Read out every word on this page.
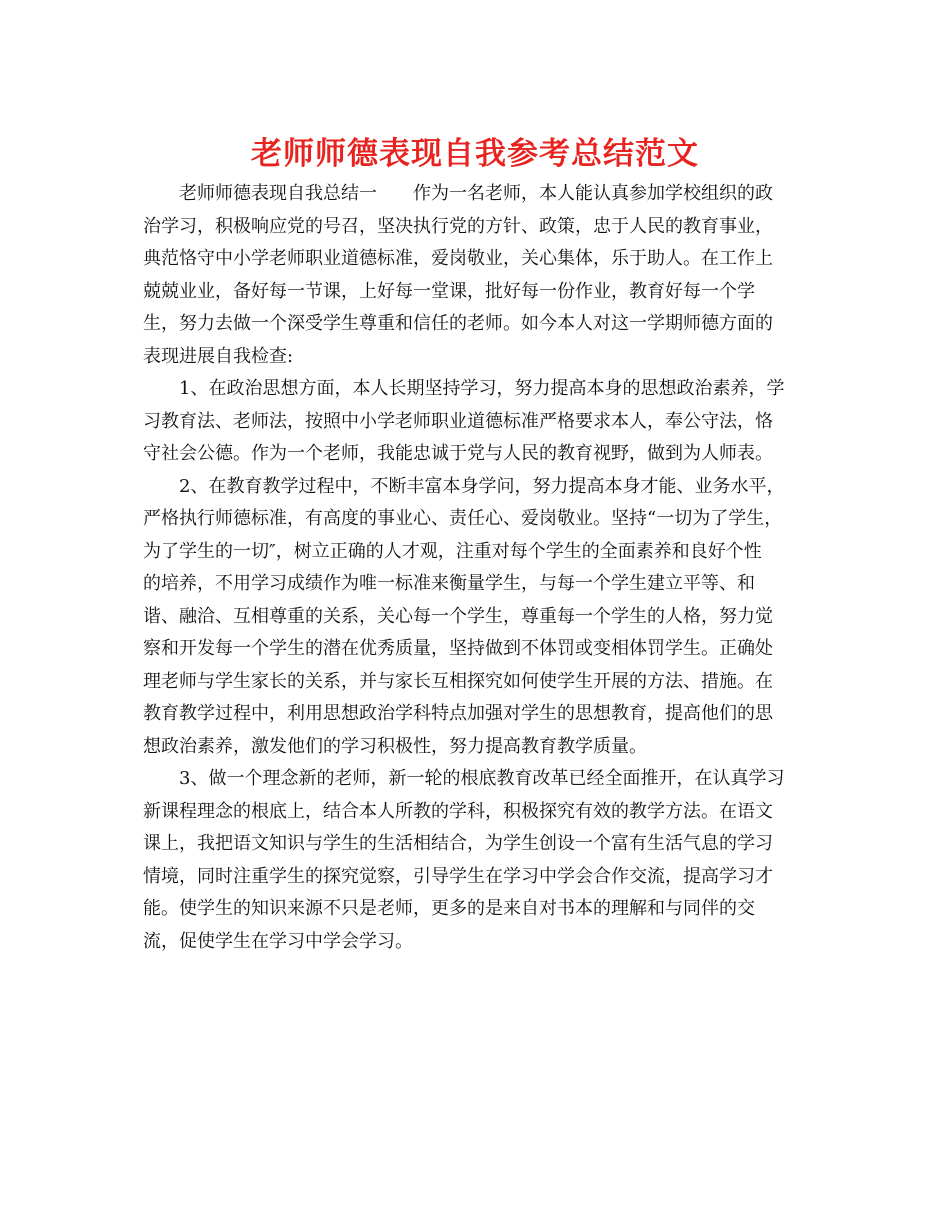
老师师德表现自我参考总结范文
老师师德表现自我总结一　　作为一名老师，本人能认真参加学校组织的政
治学习，积极响应党的号召，坚决执行党的方针、政策，忠于人民的教育事业，
典范恪守中小学老师职业道德标准，爱岗敬业，关心集体，乐于助人。在工作上
兢兢业业，备好每一节课，上好每一堂课，批好每一份作业，教育好每一个学
生，努力去做一个深受学生尊重和信任的老师。如今本人对这一学期师德方面的
表现进展自我检查:
1、在政治思想方面，本人长期坚持学习，努力提高本身的思想政治素养，学
习教育法、老师法，按照中小学老师职业道德标准严格要求本人，奉公守法，恪
守社会公德。作为一个老师，我能忠诚于党与人民的教育视野，做到为人师表。
2、在教育教学过程中，不断丰富本身学问，努力提高本身才能、业务水平，
严格执行师德标准，有高度的事业心、责任心、爱岗敬业。坚持“一切为了学生，
为了学生的一切″，树立正确的人才观，注重对每个学生的全面素养和良好个性
的培养，不用学习成绩作为唯一标准来衡量学生，与每一个学生建立平等、和
谐、融洽、互相尊重的关系，关心每一个学生，尊重每一个学生的人格，努力觉
察和开发每一个学生的潜在优秀质量，坚持做到不体罚或变相体罚学生。正确处
理老师与学生家长的关系，并与家长互相探究如何使学生开展的方法、措施。在
教育教学过程中，利用思想政治学科特点加强对学生的思想教育，提高他们的思
想政治素养，激发他们的学习积极性，努力提高教育教学质量。
3、做一个理念新的老师，新一轮的根底教育改革已经全面推开，在认真学习
新课程理念的根底上，结合本人所教的学科，积极探究有效的教学方法。在语文
课上，我把语文知识与学生的生活相结合，为学生创设一个富有生活气息的学习
情境，同时注重学生的探究觉察，引导学生在学习中学会合作交流，提高学习才
能。使学生的知识来源不只是老师，更多的是来自对书本的理解和与同伴的交
流，促使学生在学习中学会学习。
